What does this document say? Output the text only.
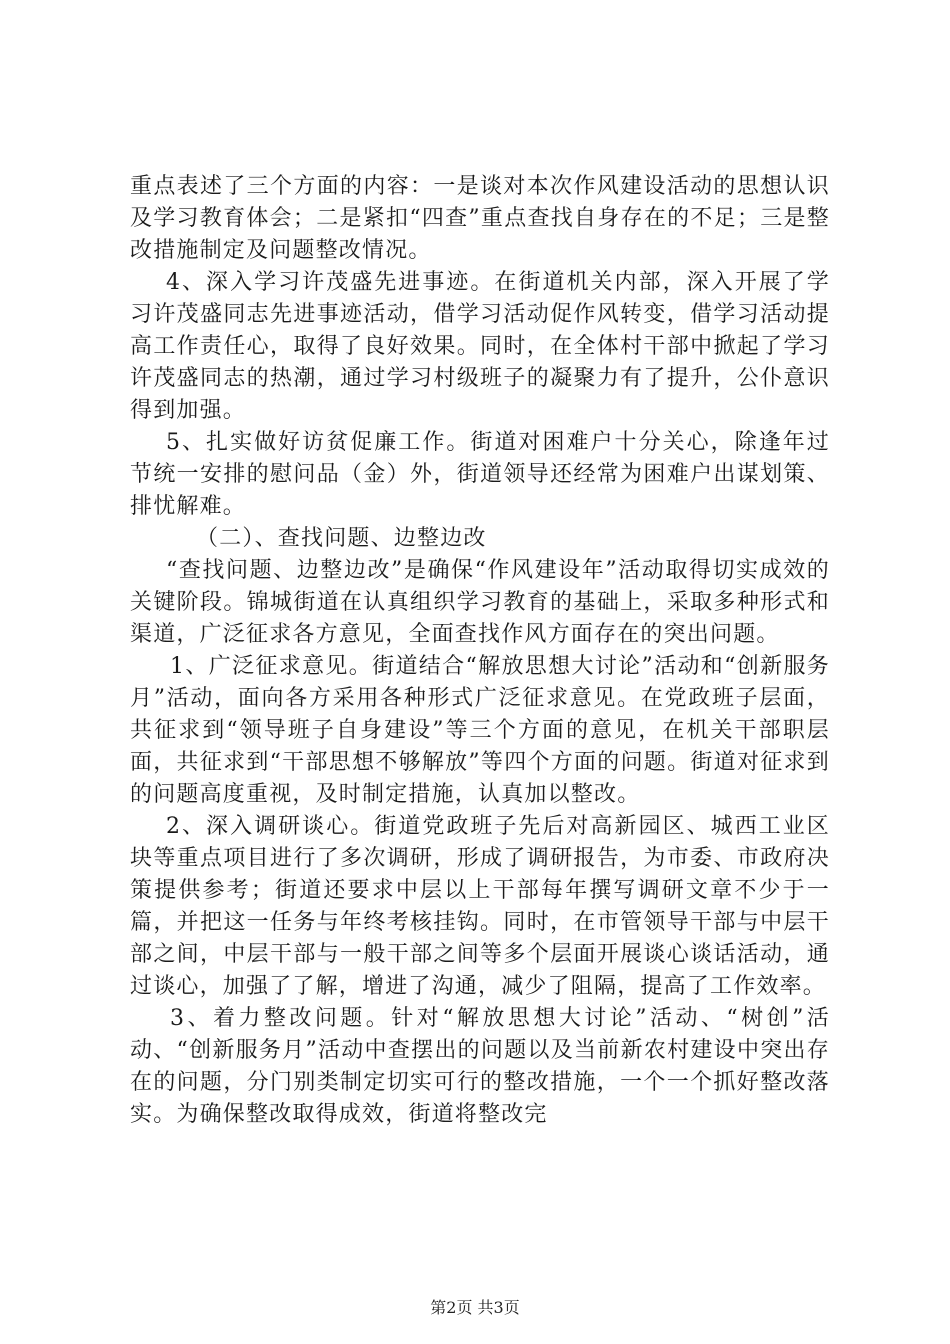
重点表述了三个方面的内容：一是谈对本次作风建设活动的思想认识及学习教育体会；二是紧扣“四查”重点查找自身存在的不足；三是整改措施制定及问题整改情况。

4、深入学习许茂盛先进事迹。在街道机关内部，深入开展了学习许茂盛同志先进事迹活动，借学习活动促作风转变，借学习活动提高工作责任心，取得了良好效果。同时，在全体村干部中掀起了学习许茂盛同志的热潮，通过学习村级班子的凝聚力有了提升，公仆意识得到加强。

5、扎实做好访贫促廉工作。街道对困难户十分关心，除逢年过节统一安排的慰问品（金）外，街道领导还经常为困难户出谋划策、排忧解难。

（二）、查找问题、边整边改

“查找问题、边整边改”是确保“作风建设年”活动取得切实成效的关键阶段。锦城街道在认真组织学习教育的基础上，采取多种形式和渠道，广泛征求各方意见，全面查找作风方面存在的突出问题。

1、广泛征求意见。街道结合“解放思想大讨论”活动和“创新服务月”活动，面向各方采用各种形式广泛征求意见。在党政班子层面，共征求到“领导班子自身建设”等三个方面的意见，在机关干部职层面，共征求到“干部思想不够解放”等四个方面的问题。街道对征求到的问题高度重视，及时制定措施，认真加以整改。

2、深入调研谈心。街道党政班子先后对高新园区、城西工业区块等重点项目进行了多次调研，形成了调研报告，为市委、市政府决策提供参考；街道还要求中层以上干部每年撰写调研文章不少于一篇，并把这一任务与年终考核挂钩。同时，在市管领导干部与中层干部之间，中层干部与一般干部之间等多个层面开展谈心谈话活动，通过谈心，加强了了解，增进了沟通，减少了阻隔，提高了工作效率。

3、着力整改问题。针对“解放思想大讨论”活动、“树创”活动、“创新服务月”活动中查摆出的问题以及当前新农村建设中突出存在的问题，分门别类制定切实可行的整改措施，一个一个抓好整改落实。为确保整改取得成效，街道将整改完

第2页 共3页
